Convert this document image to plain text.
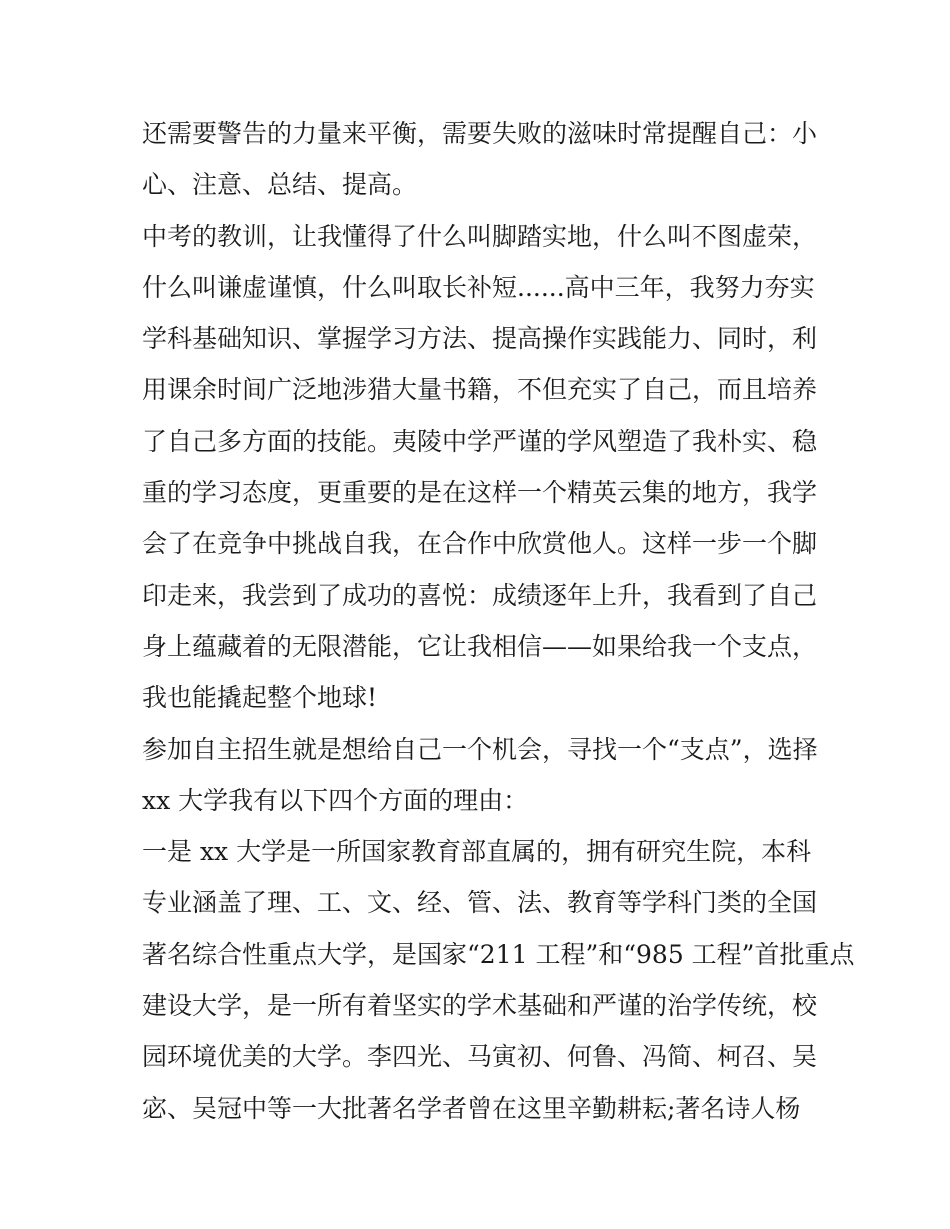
还需要警告的力量来平衡，需要失败的滋味时常提醒自己：小
心、注意、总结、提高。
中考的教训，让我懂得了什么叫脚踏实地，什么叫不图虚荣，
什么叫谦虚谨慎，什么叫取长补短......高中三年，我努力夯实
学科基础知识、掌握学习方法、提高操作实践能力、同时，利
用课余时间广泛地涉猎大量书籍，不但充实了自己，而且培养
了自己多方面的技能。夷陵中学严谨的学风塑造了我朴实、稳
重的学习态度，更重要的是在这样一个精英云集的地方，我学
会了在竞争中挑战自我，在合作中欣赏他人。这样一步一个脚
印走来，我尝到了成功的喜悦：成绩逐年上升，我看到了自己
身上蕴藏着的无限潜能，它让我相信——如果给我一个支点，
我也能撬起整个地球!
参加自主招生就是想给自己一个机会，寻找一个“支点”，选择
xx 大学我有以下四个方面的理由：
一是 xx 大学是一所国家教育部直属的，拥有研究生院，本科
专业涵盖了理、工、文、经、管、法、教育等学科门类的全国
著名综合性重点大学，是国家“211 工程”和“985 工程”首批重点
建设大学，是一所有着坚实的学术基础和严谨的治学传统，校
园环境优美的大学。李四光、马寅初、何鲁、冯简、柯召、吴
宓、吴冠中等一大批著名学者曾在这里辛勤耕耘;著名诗人杨
